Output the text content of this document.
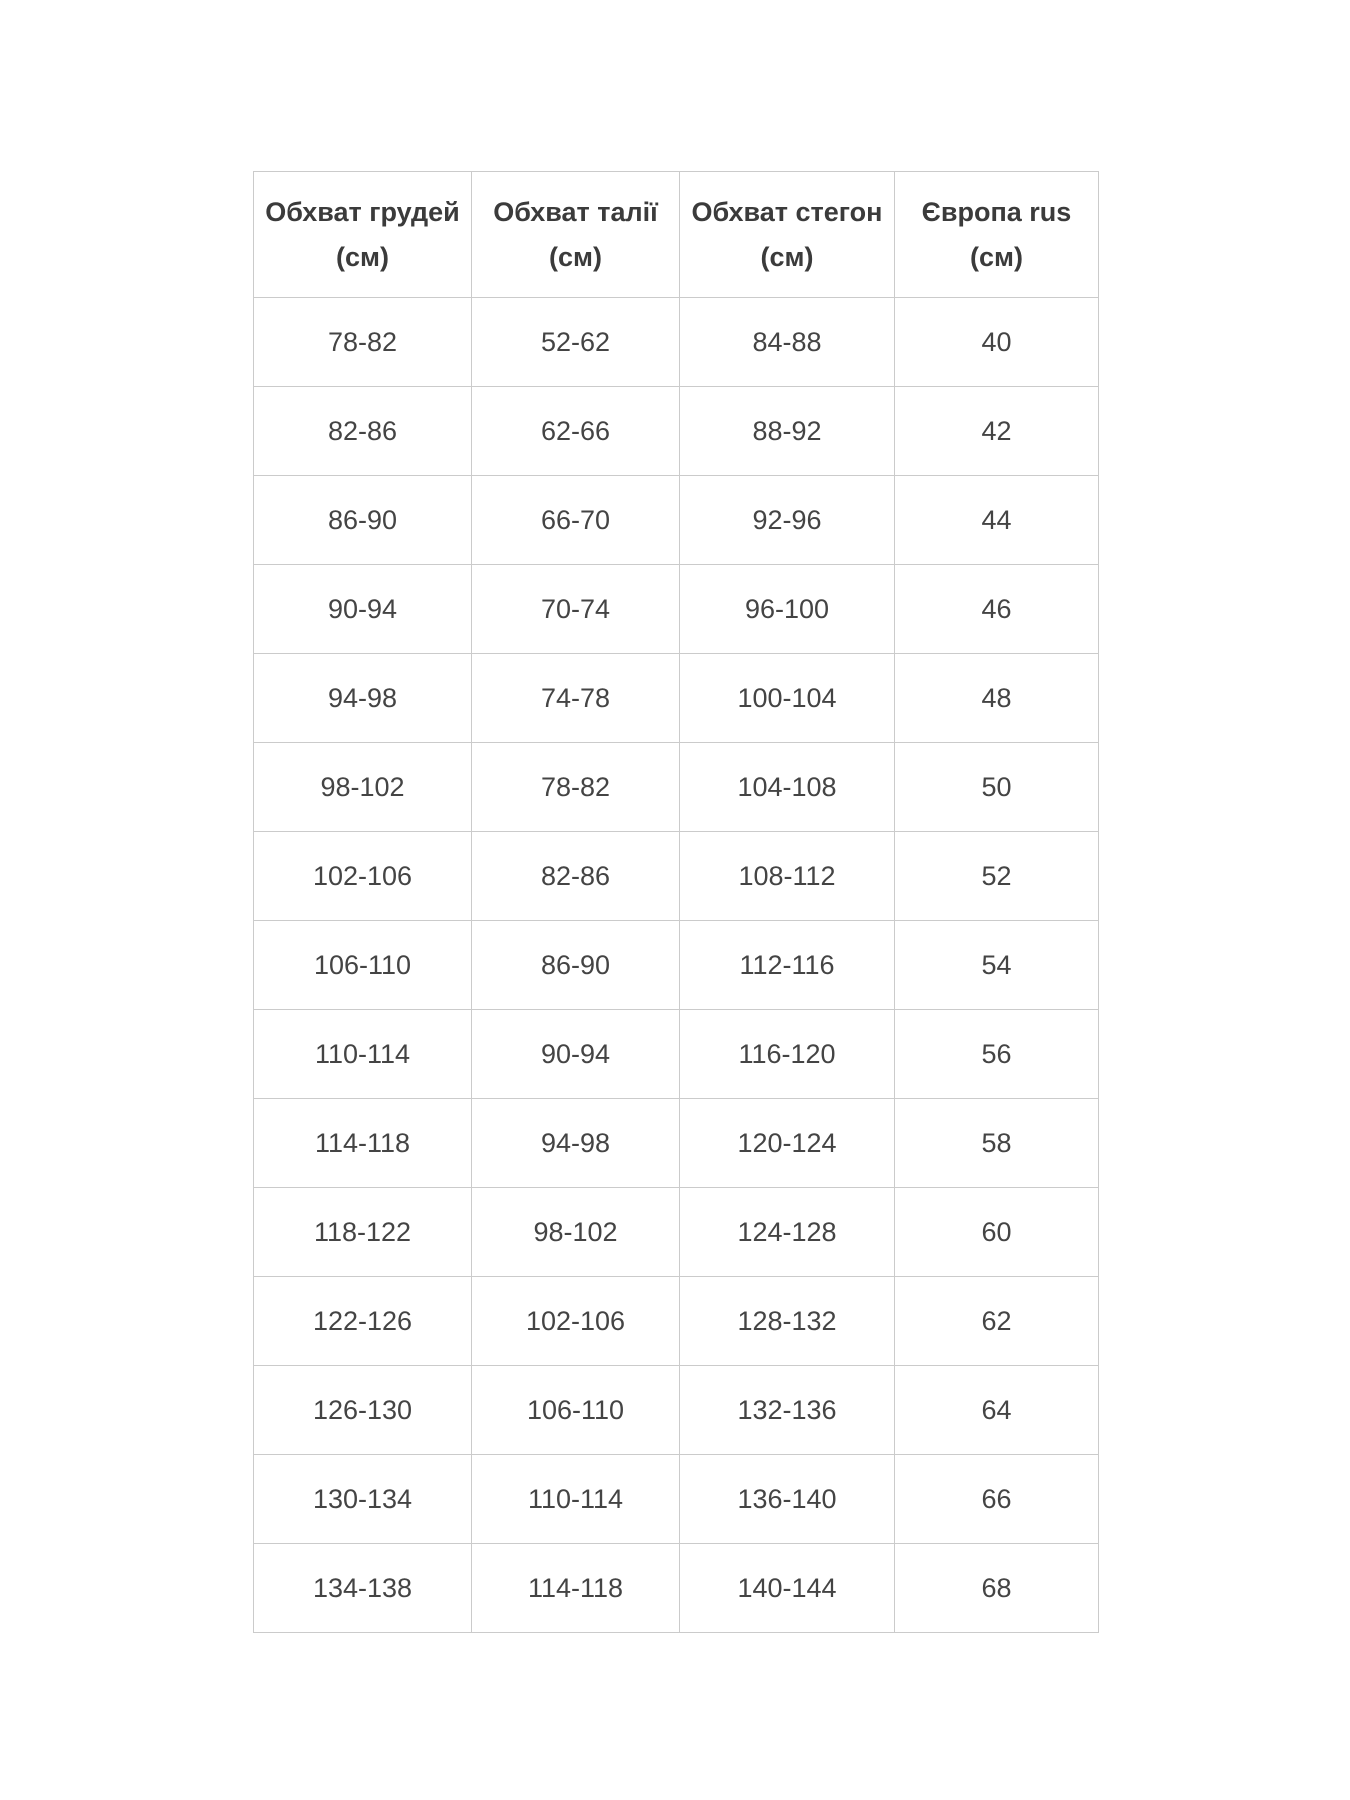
Обхват грудей (см)	Обхват талії (см)	Обхват стегон (см)	Європа rus (см)
78-82	52-62	84-88	40
82-86	62-66	88-92	42
86-90	66-70	92-96	44
90-94	70-74	96-100	46
94-98	74-78	100-104	48
98-102	78-82	104-108	50
102-106	82-86	108-112	52
106-110	86-90	112-116	54
110-114	90-94	116-120	56
114-118	94-98	120-124	58
118-122	98-102	124-128	60
122-126	102-106	128-132	62
126-130	106-110	132-136	64
130-134	110-114	136-140	66
134-138	114-118	140-144	68
